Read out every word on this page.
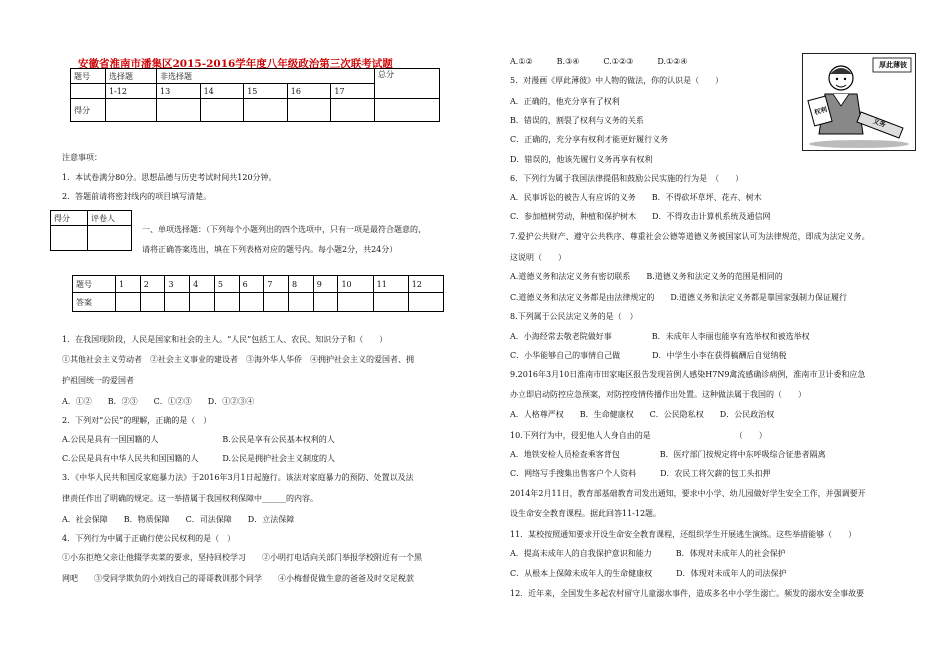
安徽省淮南市潘集区2015-2016学年度八年级政治第三次联考试题
题号	选择题	非选择题					总分
	1-12	13	14	15	16	17	
得分							
注意事项：
1．本试卷满分80分。思想品德与历史考试时间共120分钟。
2．答题前请将密封线内的项目填写清楚。
得分	评卷人

一、单项选择题：（下列每个小题列出的四个选项中，只有一项是最符合题意的，
请将正确答案选出，填在下列表格对应的题号内。每小题2分，共24分）
题号	1	2	3	4	5	6	7	8	9	10	11	12
答案												
1．在我国现阶段，人民是国家和社会的主人。“人民”包括工人、农民、知识分子和（　　）
①其他社会主义劳动者　②社会主义事业的建设者　③海外华人华侨　④拥护社会主义的爱国者、拥
护祖国统一的爱国者
A．①②　　B．②③　　C．①②③　　D．①②③④
2．下列对“公民”的理解，正确的是（　）
A.公民是具有一国国籍的人　　　　　　　　B.公民是享有公民基本权利的人
C.公民是具有中华人民共和国国籍的人　　　D.公民是拥护社会主义制度的人
3．《中华人民共和国反家庭暴力法》于2016年3月1日起施行。该法对家庭暴力的预防、处置以及法
律责任作出了明确的规定。这一举措属于我国权利保障中______的内容。
A．社会保障　　B．物质保障　　C．司法保障　　D．立法保障
4．下列行为中属于正确行使公民权利的是（　）
①小东拒绝父亲让他辍学卖菜的要求，坚持回校学习　　②小明打电话向关部门举报学校附近有一个黑
网吧　　③受同学欺负的小刘找自己的哥哥教训那个同学　　④小梅督促做生意的爸爸及时交足税款
A.①②　　　B.③④　　　C.①②③　　　D.①②④
5．对漫画《厚此薄彼》中人物的做法，你的认识是（　　）
A．正确的，他充分享有了权利
B．错误的，割裂了权利与义务的关系
C．正确的，充分享有权利才能更好履行义务
D．错误的，他该先履行义务再享有权利
6．下列行为属于我国法律提倡和鼓励公民实施的行为是　（　　）
A．民事诉讼的被告人有应诉的义务　　B．不得砍坏草坪、花卉、树木
C．参加植树劳动，种植和保护树木　　D．不得攻击计算机系统及通信网
7.爱护公共财产、遵守公共秩序、尊重社会公德等道德义务被国家认可为法律规范，即成为法定义务。
这说明（　　）
A.道德义务和法定义务有密切联系　　B.道德义务和法定义务的范围是相同的
C.道德义务和法定义务都是由法律规定的　　D.道德义务和法定义务都是靠国家强制力保证履行
8.下列属于公民法定义务的是（　）
A．小海经常去敬老院做好事　　　　　B．未成年人李丽也能享有选举权和被选举权
C．小华能够自己的事情自己做　　　　D．中学生小李在获得稿酬后自觉纳税
9.2016年3月10日淮南市田家庵区报告发现首例人感染H7N9禽流感确诊病例，淮南市卫计委和应急
办立即启动防控应急预案，对防控疫情传播作出处置。这种做法属于我国的（　　）
A．人格尊严权　　B．生命健康权　　C．公民隐私权　　D．公民政治权
10.下列行为中，侵犯他人人身自由的是　　　　　　　　　　　（　　）
A．地铁安检人员检查乘客背包　　　　　B．医疗部门按规定将中东呼吸综合征患者隔离
C．网络写手搜集出售客户个人资料　　　D．农民工将欠薪的包工头扣押
2014年2月11日，教育部基础教育司发出通知，要求中小学、幼儿园做好学生安全工作，并强调要开
设生命安全教育课程。据此回答11-12题。
11．某校按照通知要求开设生命安全教育课程，还组织学生开展逃生演练。这些举措能够（　　）
A．提高未成年人的自我保护意识和能力　　　B．体现对未成年人的社会保护
C．从根本上保障未成年人的生命健康权　　　D．体现对未成年人的司法保护
12．近年来，全国发生多起农村留守儿童溺水事件，造成多名中小学生溺亡。频发的溺水安全事故要
厚此薄彼
权利
义务
